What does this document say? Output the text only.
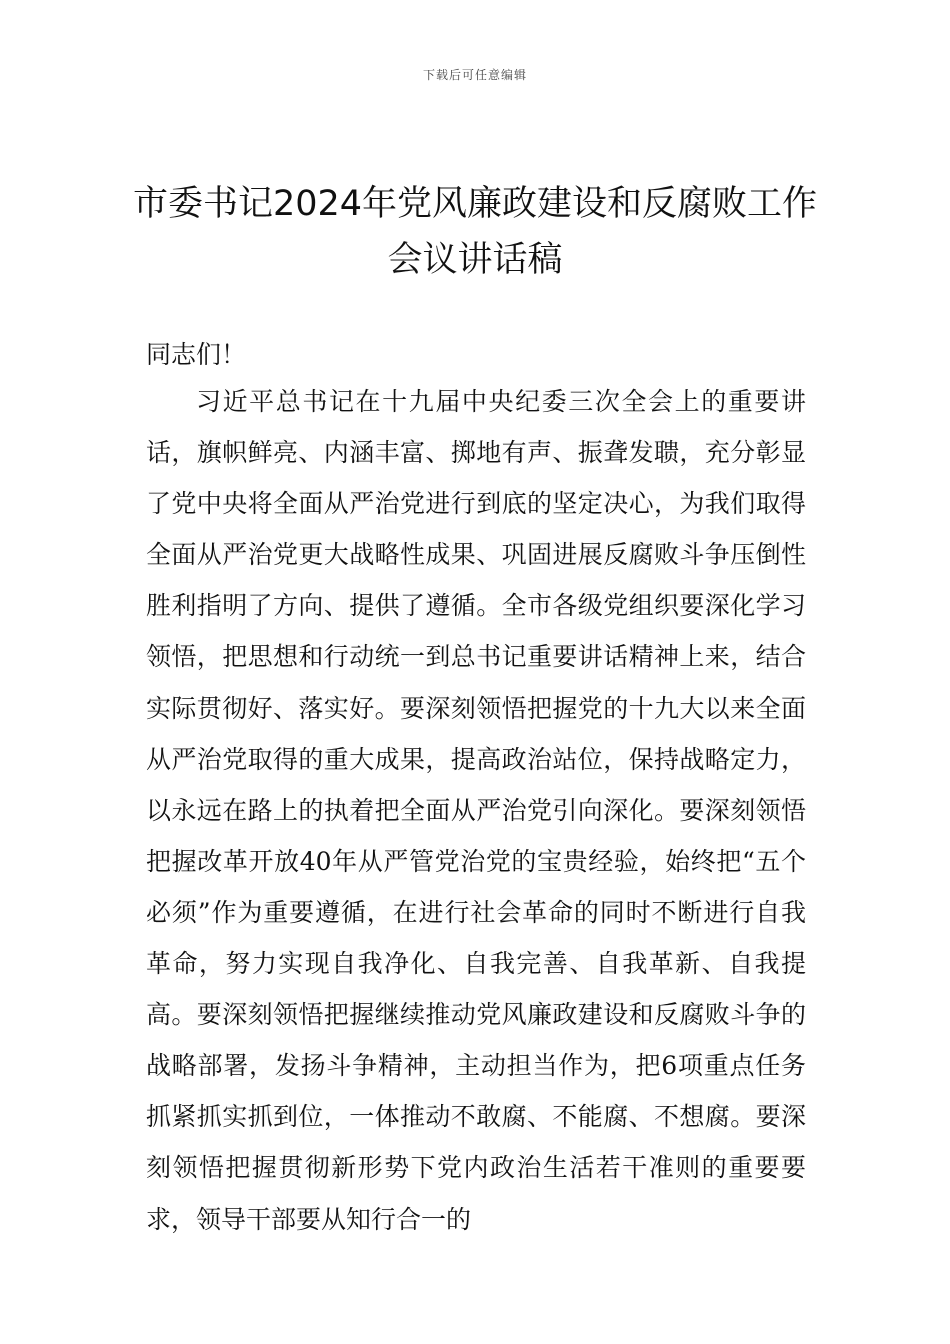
下载后可任意编辑
市委书记2024年党风廉政建设和反腐败工作会议讲话稿

同志们！

习近平总书记在十九届中央纪委三次全会上的重要讲话，旗帜鲜亮、内涵丰富、掷地有声、振聋发聩，充分彰显了党中央将全面从严治党进行到底的坚定决心，为我们取得全面从严治党更大战略性成果、巩固进展反腐败斗争压倒性胜利指明了方向、提供了遵循。全市各级党组织要深化学习领悟，把思想和行动统一到总书记重要讲话精神上来，结合实际贯彻好、落实好。要深刻领悟把握党的十九大以来全面从严治党取得的重大成果，提高政治站位，保持战略定力，以永远在路上的执着把全面从严治党引向深化。要深刻领悟把握改革开放40年从严管党治党的宝贵经验，始终把“五个必须”作为重要遵循，在进行社会革命的同时不断进行自我革命，努力实现自我净化、自我完善、自我革新、自我提高。要深刻领悟把握继续推动党风廉政建设和反腐败斗争的战略部署，发扬斗争精神，主动担当作为，把6项重点任务抓紧抓实抓到位，一体推动不敢腐、不能腐、不想腐。要深刻领悟把握贯彻新形势下党内政治生活若干准则的重要要求，领导干部要从知行合一的
